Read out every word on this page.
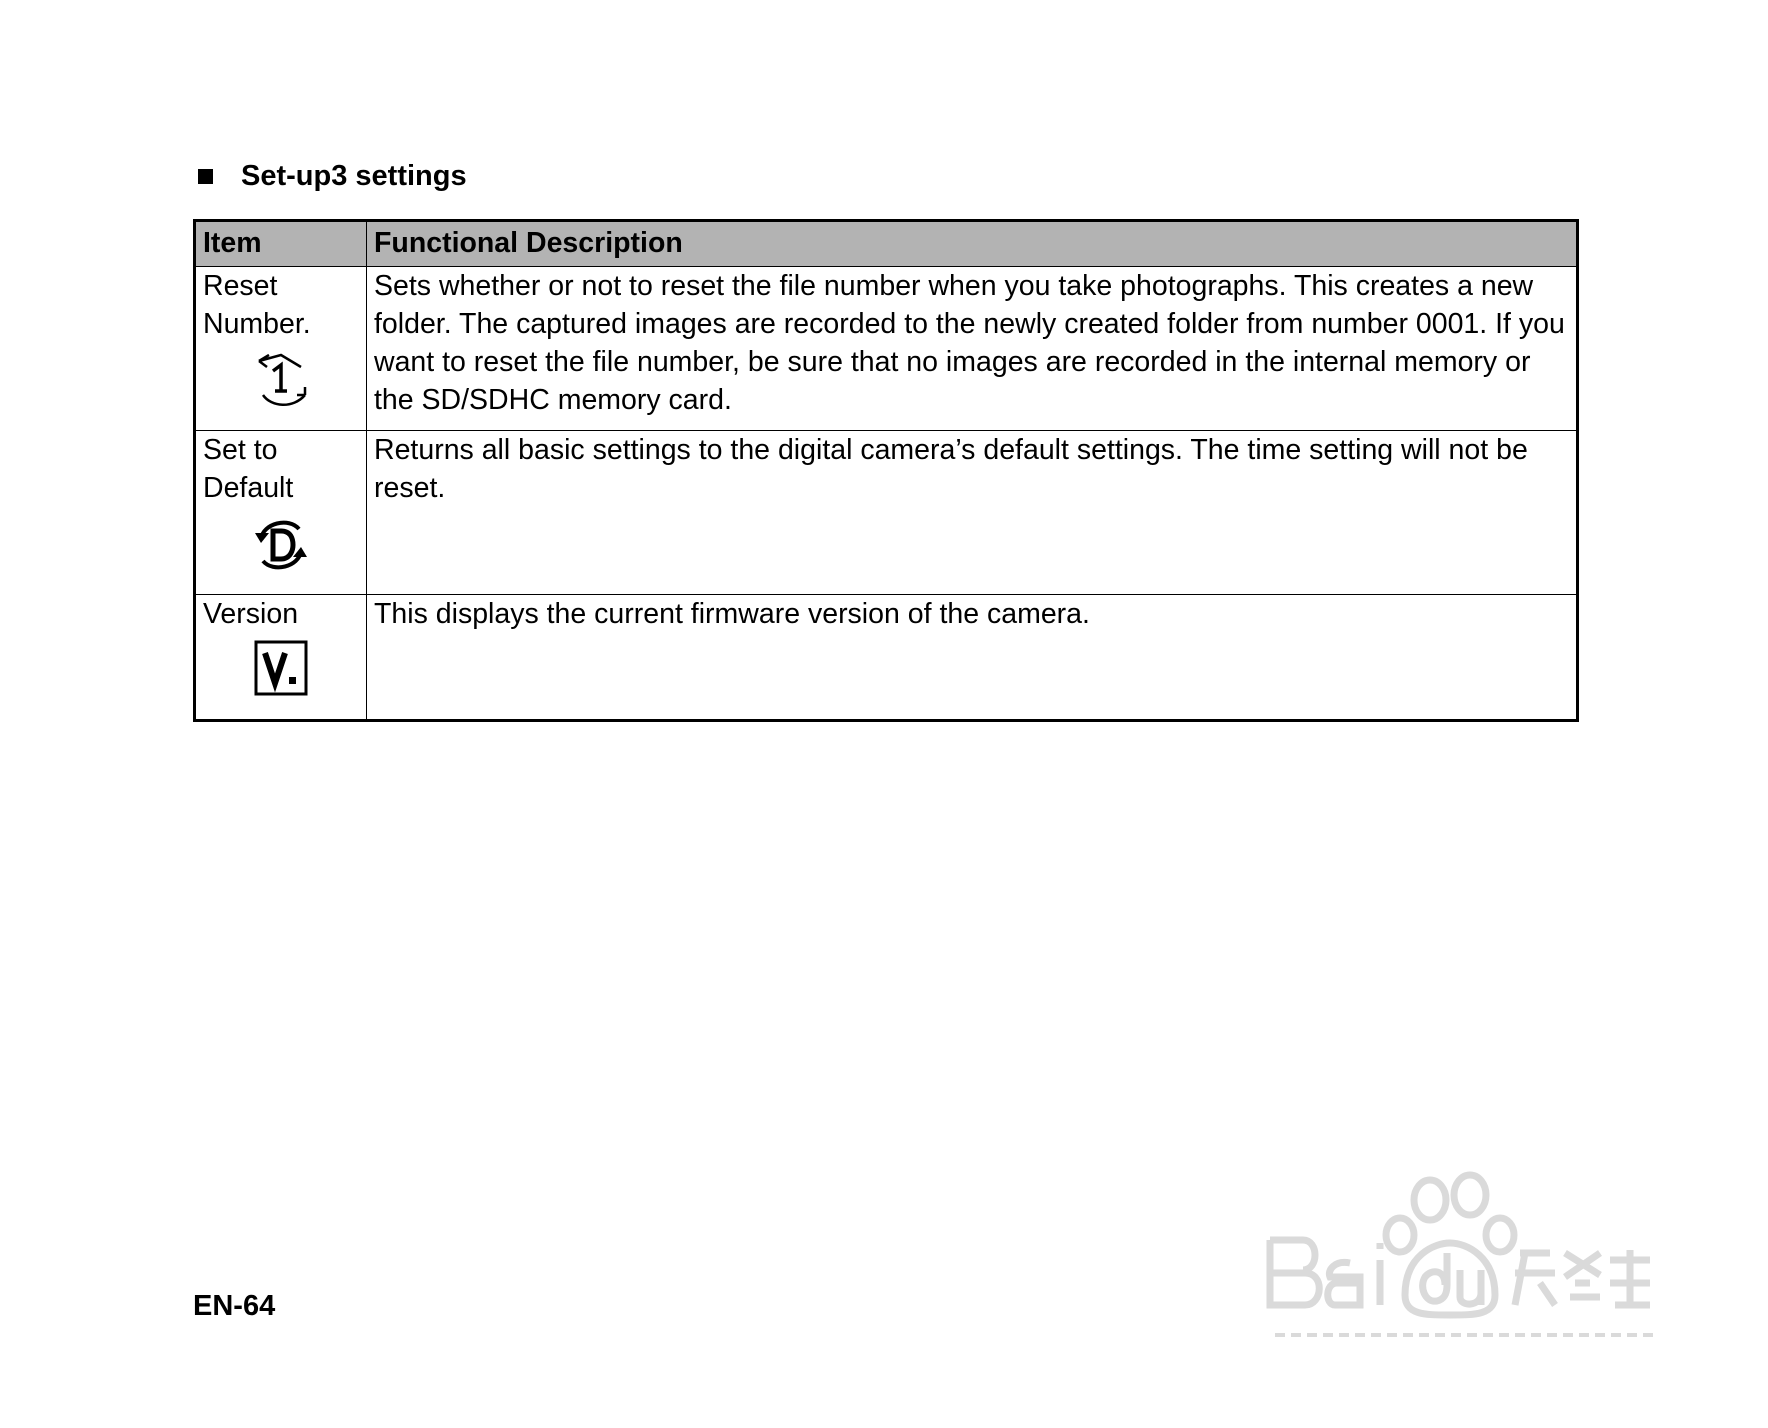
Set-up3 settings
Item	Functional Description

Reset Number.	Sets whether or not to reset the file number when you take photographs. This creates a new folder. The captured images are recorded to the newly created folder from number 0001. If you want to reset the file number, be sure that no images are recorded in the internal memory or the SD/SDHC memory card.

Set to Default	Returns all basic settings to the digital camera’s default settings. The time setting will not be reset.
Version	This displays the current firmware version of the camera.
EN-64
